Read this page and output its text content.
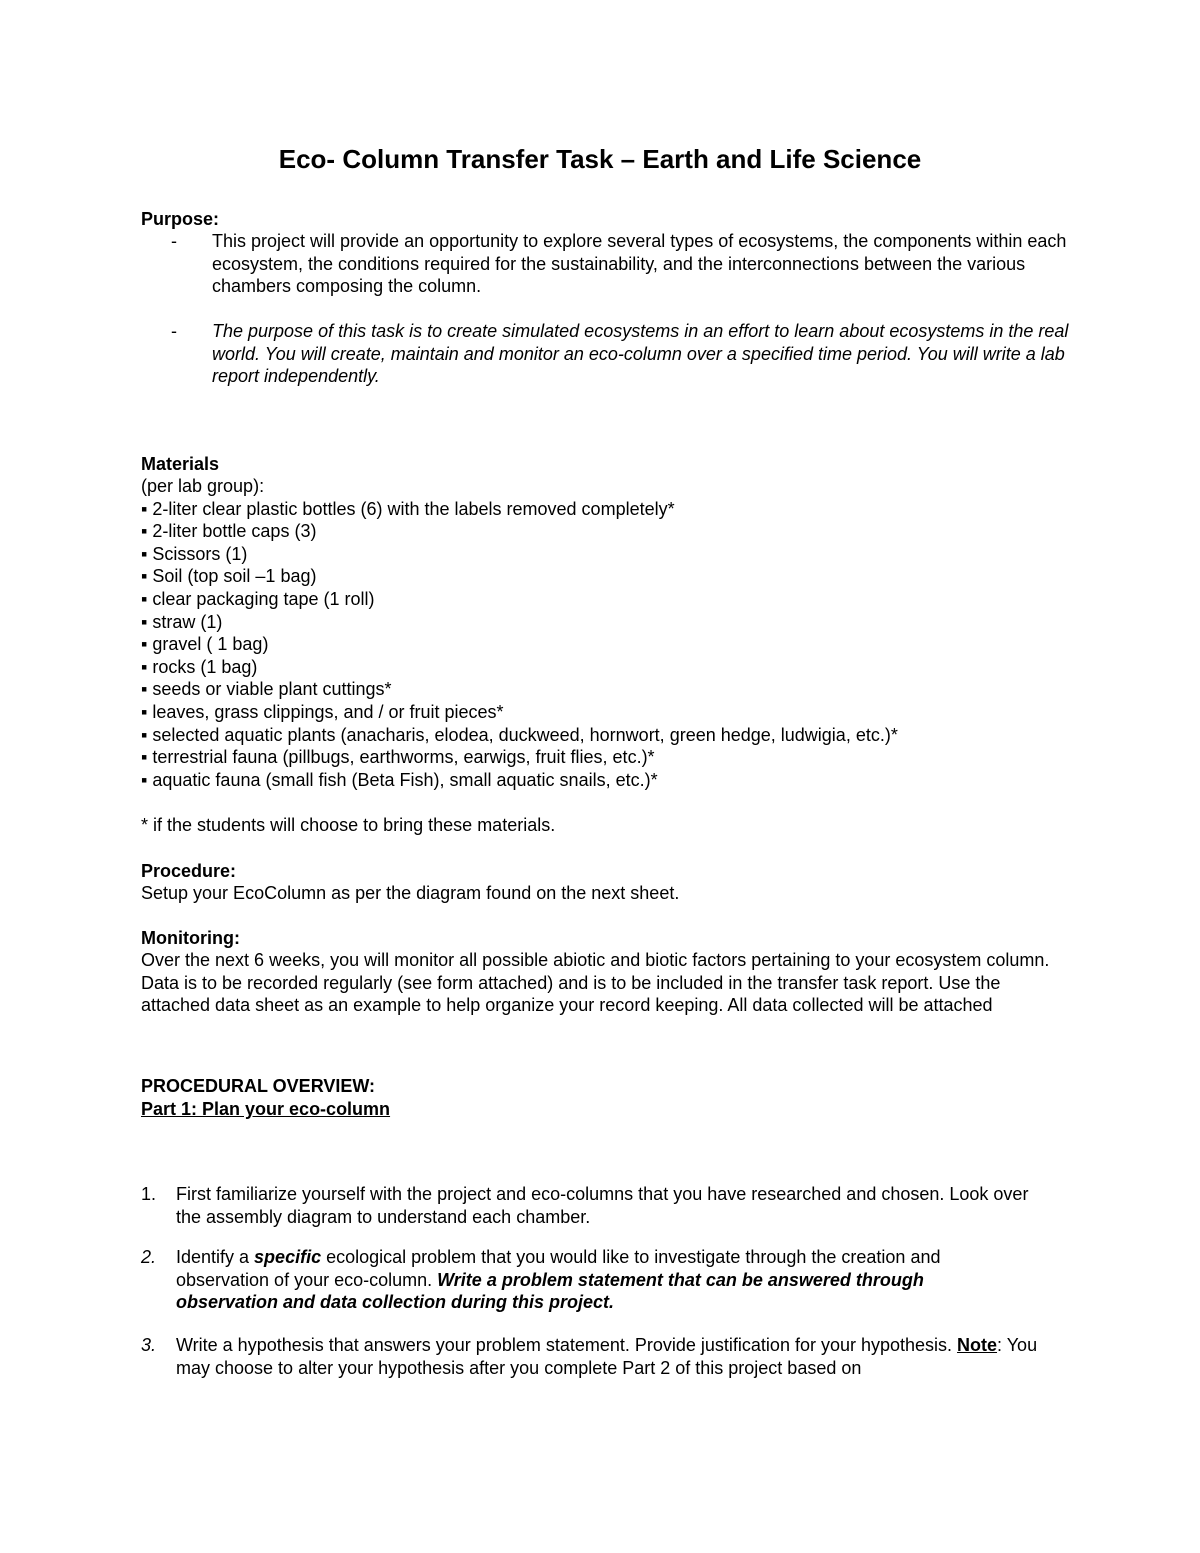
Eco- Column Transfer Task – Earth and Life Science
Purpose:
- This project will provide an opportunity to explore several types of ecosystems, the components within each ecosystem, the conditions required for the sustainability, and the interconnections between the various chambers composing the column.
- The purpose of this task is to create simulated ecosystems in an effort to learn about ecosystems in the real world. You will create, maintain and monitor an eco-column over a specified time period. You will write a lab report independently.
Materials
(per lab group):
▪ 2-liter clear plastic bottles (6) with the labels removed completely*
▪ 2-liter bottle caps (3)
▪ Scissors (1)
▪ Soil (top soil –1 bag)
▪ clear packaging tape (1 roll)
▪ straw (1)
▪ gravel ( 1 bag)
▪ rocks (1 bag)
▪ seeds or viable plant cuttings*
▪ leaves, grass clippings, and / or fruit pieces*
▪ selected aquatic plants (anacharis, elodea, duckweed, hornwort, green hedge, ludwigia, etc.)*
▪ terrestrial fauna (pillbugs, earthworms, earwigs, fruit flies, etc.)*
▪ aquatic fauna (small fish (Beta Fish), small aquatic snails, etc.)*
* if the students will choose to bring these materials.
Procedure:
Setup your EcoColumn as per the diagram found on the next sheet.
Monitoring:
Over the next 6 weeks, you will monitor all possible abiotic and biotic factors pertaining to your ecosystem column. Data is to be recorded regularly (see form attached) and is to be included in the transfer task report. Use the attached data sheet as an example to help organize your record keeping. All data collected will be attached
PROCEDURAL OVERVIEW:
Part 1: Plan your eco-column
1.	First familiarize yourself with the project and eco-columns that you have researched and chosen. Look over the assembly diagram to understand each chamber.
2.	Identify a specific ecological problem that you would like to investigate through the creation and observation of your eco-column. Write a problem statement that can be answered through observation and data collection during this project.
3.	Write a hypothesis that answers your problem statement. Provide justification for your hypothesis. Note: You may choose to alter your hypothesis after you complete Part 2 of this project based on
